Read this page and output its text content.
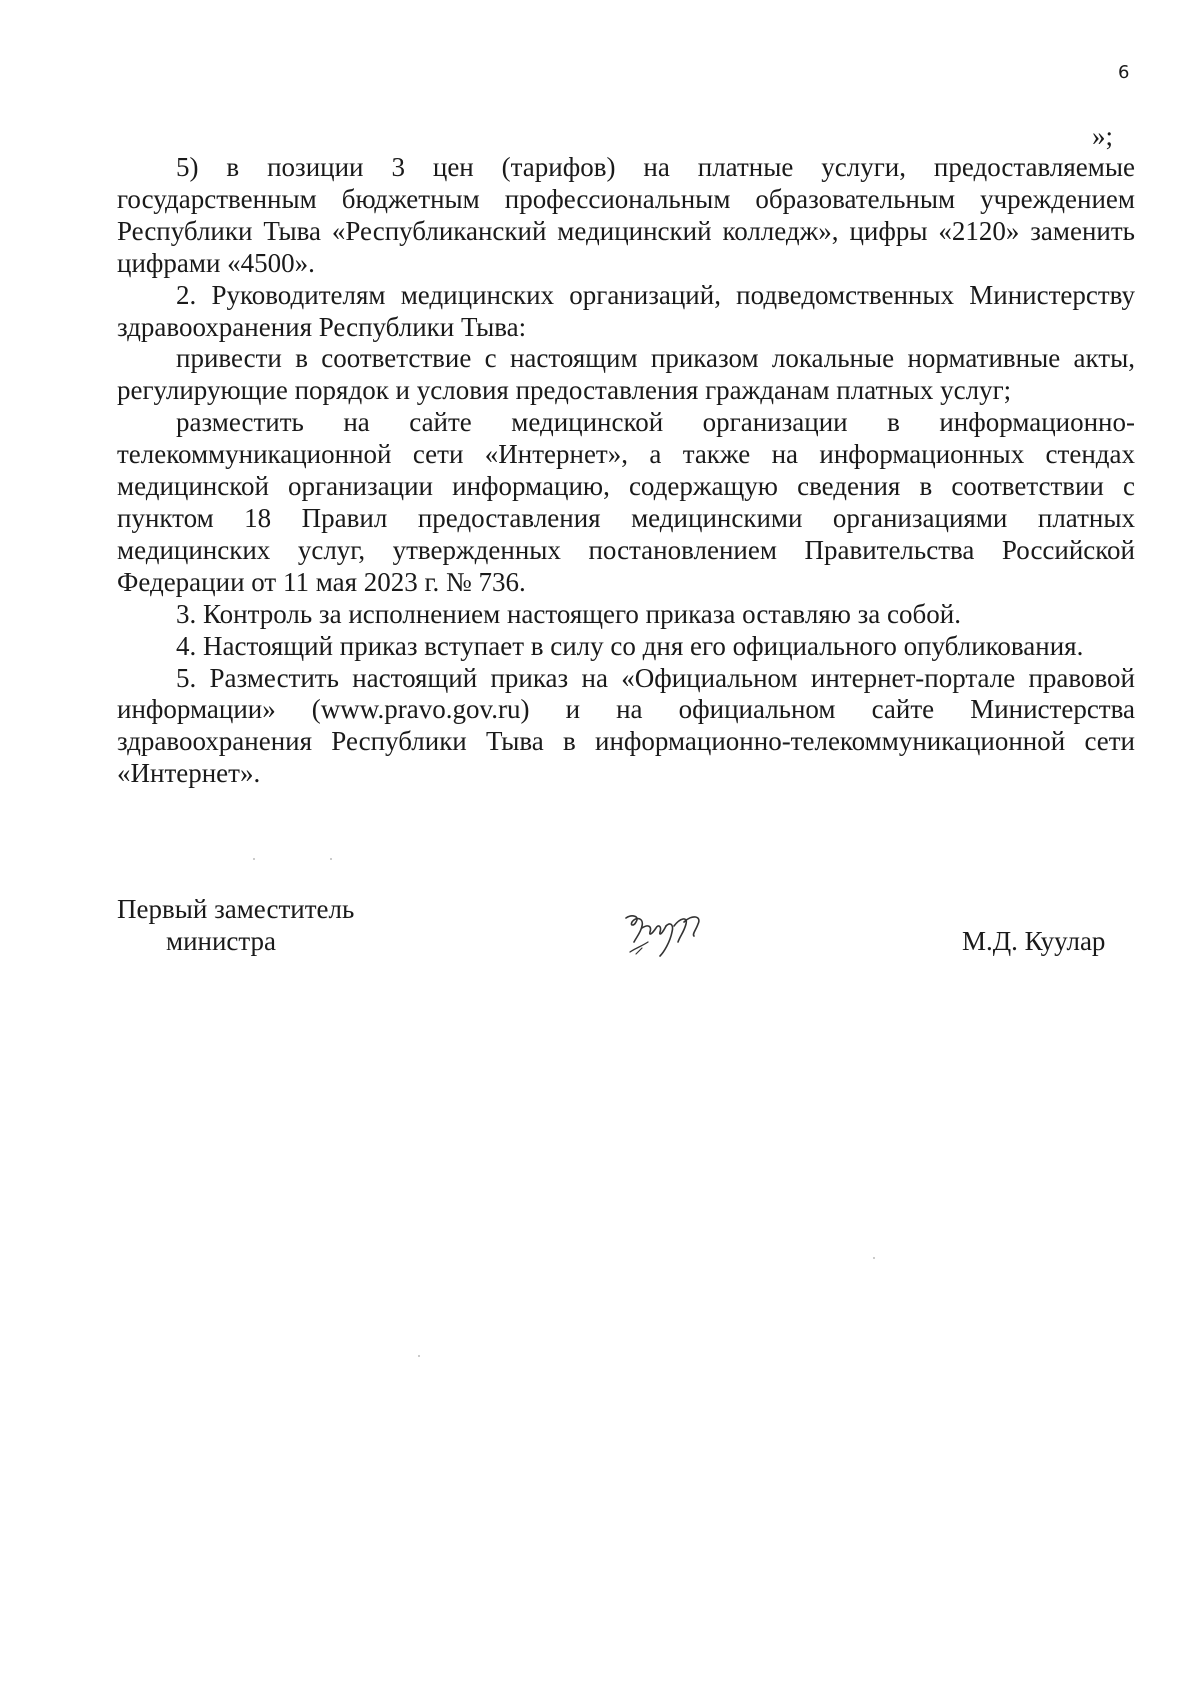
6
»;

5) в позиции 3 цен (тарифов) на платные услуги, предоставляемые государственным бюджетным профессиональным образовательным учреждением Республики Тыва «Республиканский медицинский колледж», цифры «2120» заменить цифрами «4500».

2. Руководителям медицинских организаций, подведомственных Министерству здравоохранения Республики Тыва:

привести в соответствие с настоящим приказом локальные нормативные акты, регулирующие порядок и условия предоставления гражданам платных услуг;

разместить на сайте медицинской организации в информационно-телекоммуникационной сети «Интернет», а также на информационных стендах медицинской организации информацию, содержащую сведения в соответствии с пунктом 18 Правил предоставления медицинскими организациями платных медицинских услуг, утвержденных постановлением Правительства Российской Федерации от 11 мая 2023 г. № 736.

3. Контроль за исполнением настоящего приказа оставляю за собой.

4. Настоящий приказ вступает в силу со дня его официального опубликования.

5. Разместить настоящий приказ на «Официальном интернет-портале правовой информации» (www.pravo.gov.ru) и на официальном сайте Министерства здравоохранения Республики Тыва в информационно-телекоммуникационной сети «Интернет».

Первый заместитель
министра	М.Д. Куулар
